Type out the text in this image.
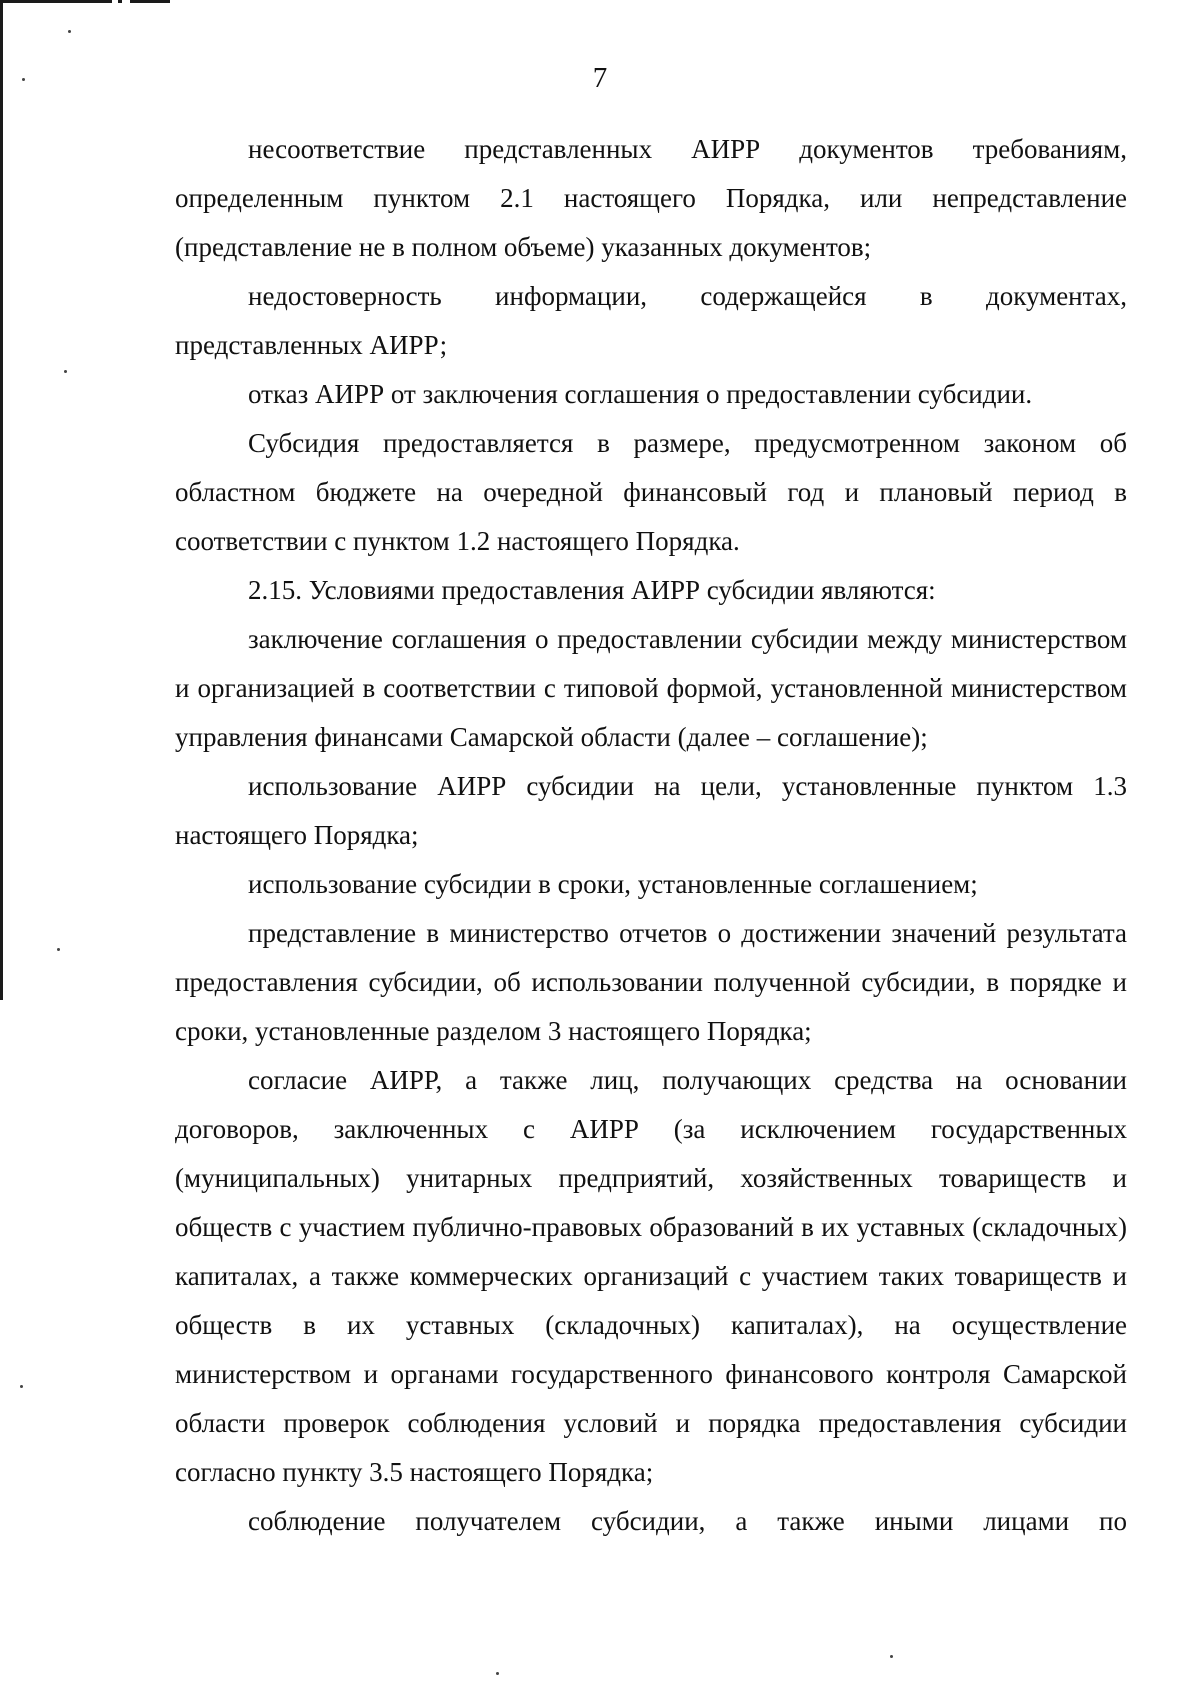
7

несоответствие представленных АИРР документов требованиям, определенным пунктом 2.1 настоящего Порядка, или непредставление (представление не в полном объеме) указанных документов;

недостоверность информации, содержащейся в документах, представленных АИРР;

отказ АИРР от заключения соглашения о предоставлении субсидии.

Субсидия предоставляется в размере, предусмотренном законом об областном бюджете на очередной финансовый год и плановый период в соответствии с пунктом 1.2 настоящего Порядка.

2.15. Условиями предоставления АИРР субсидии являются:

заключение соглашения о предоставлении субсидии между министерством и организацией в соответствии с типовой формой, установленной министерством управления финансами Самарской области (далее – соглашение);

использование АИРР субсидии на цели, установленные пунктом 1.3 настоящего Порядка;

использование субсидии в сроки, установленные соглашением;

представление в министерство отчетов о достижении значений результата предоставления субсидии, об использовании полученной субсидии, в порядке и сроки, установленные разделом 3 настоящего Порядка;

согласие АИРР, а также лиц, получающих средства на основании договоров, заключенных с АИРР (за исключением государственных (муниципальных) унитарных предприятий, хозяйственных товариществ и обществ с участием публично-правовых образований в их уставных (складочных) капиталах, а также коммерческих организаций с участием таких товариществ и обществ в их уставных (складочных) капиталах), на осуществление министерством и органами государственного финансового контроля Самарской области проверок соблюдения условий и порядка предоставления субсидии согласно пункту 3.5 настоящего Порядка;

соблюдение получателем субсидии, а также иными лицами по
